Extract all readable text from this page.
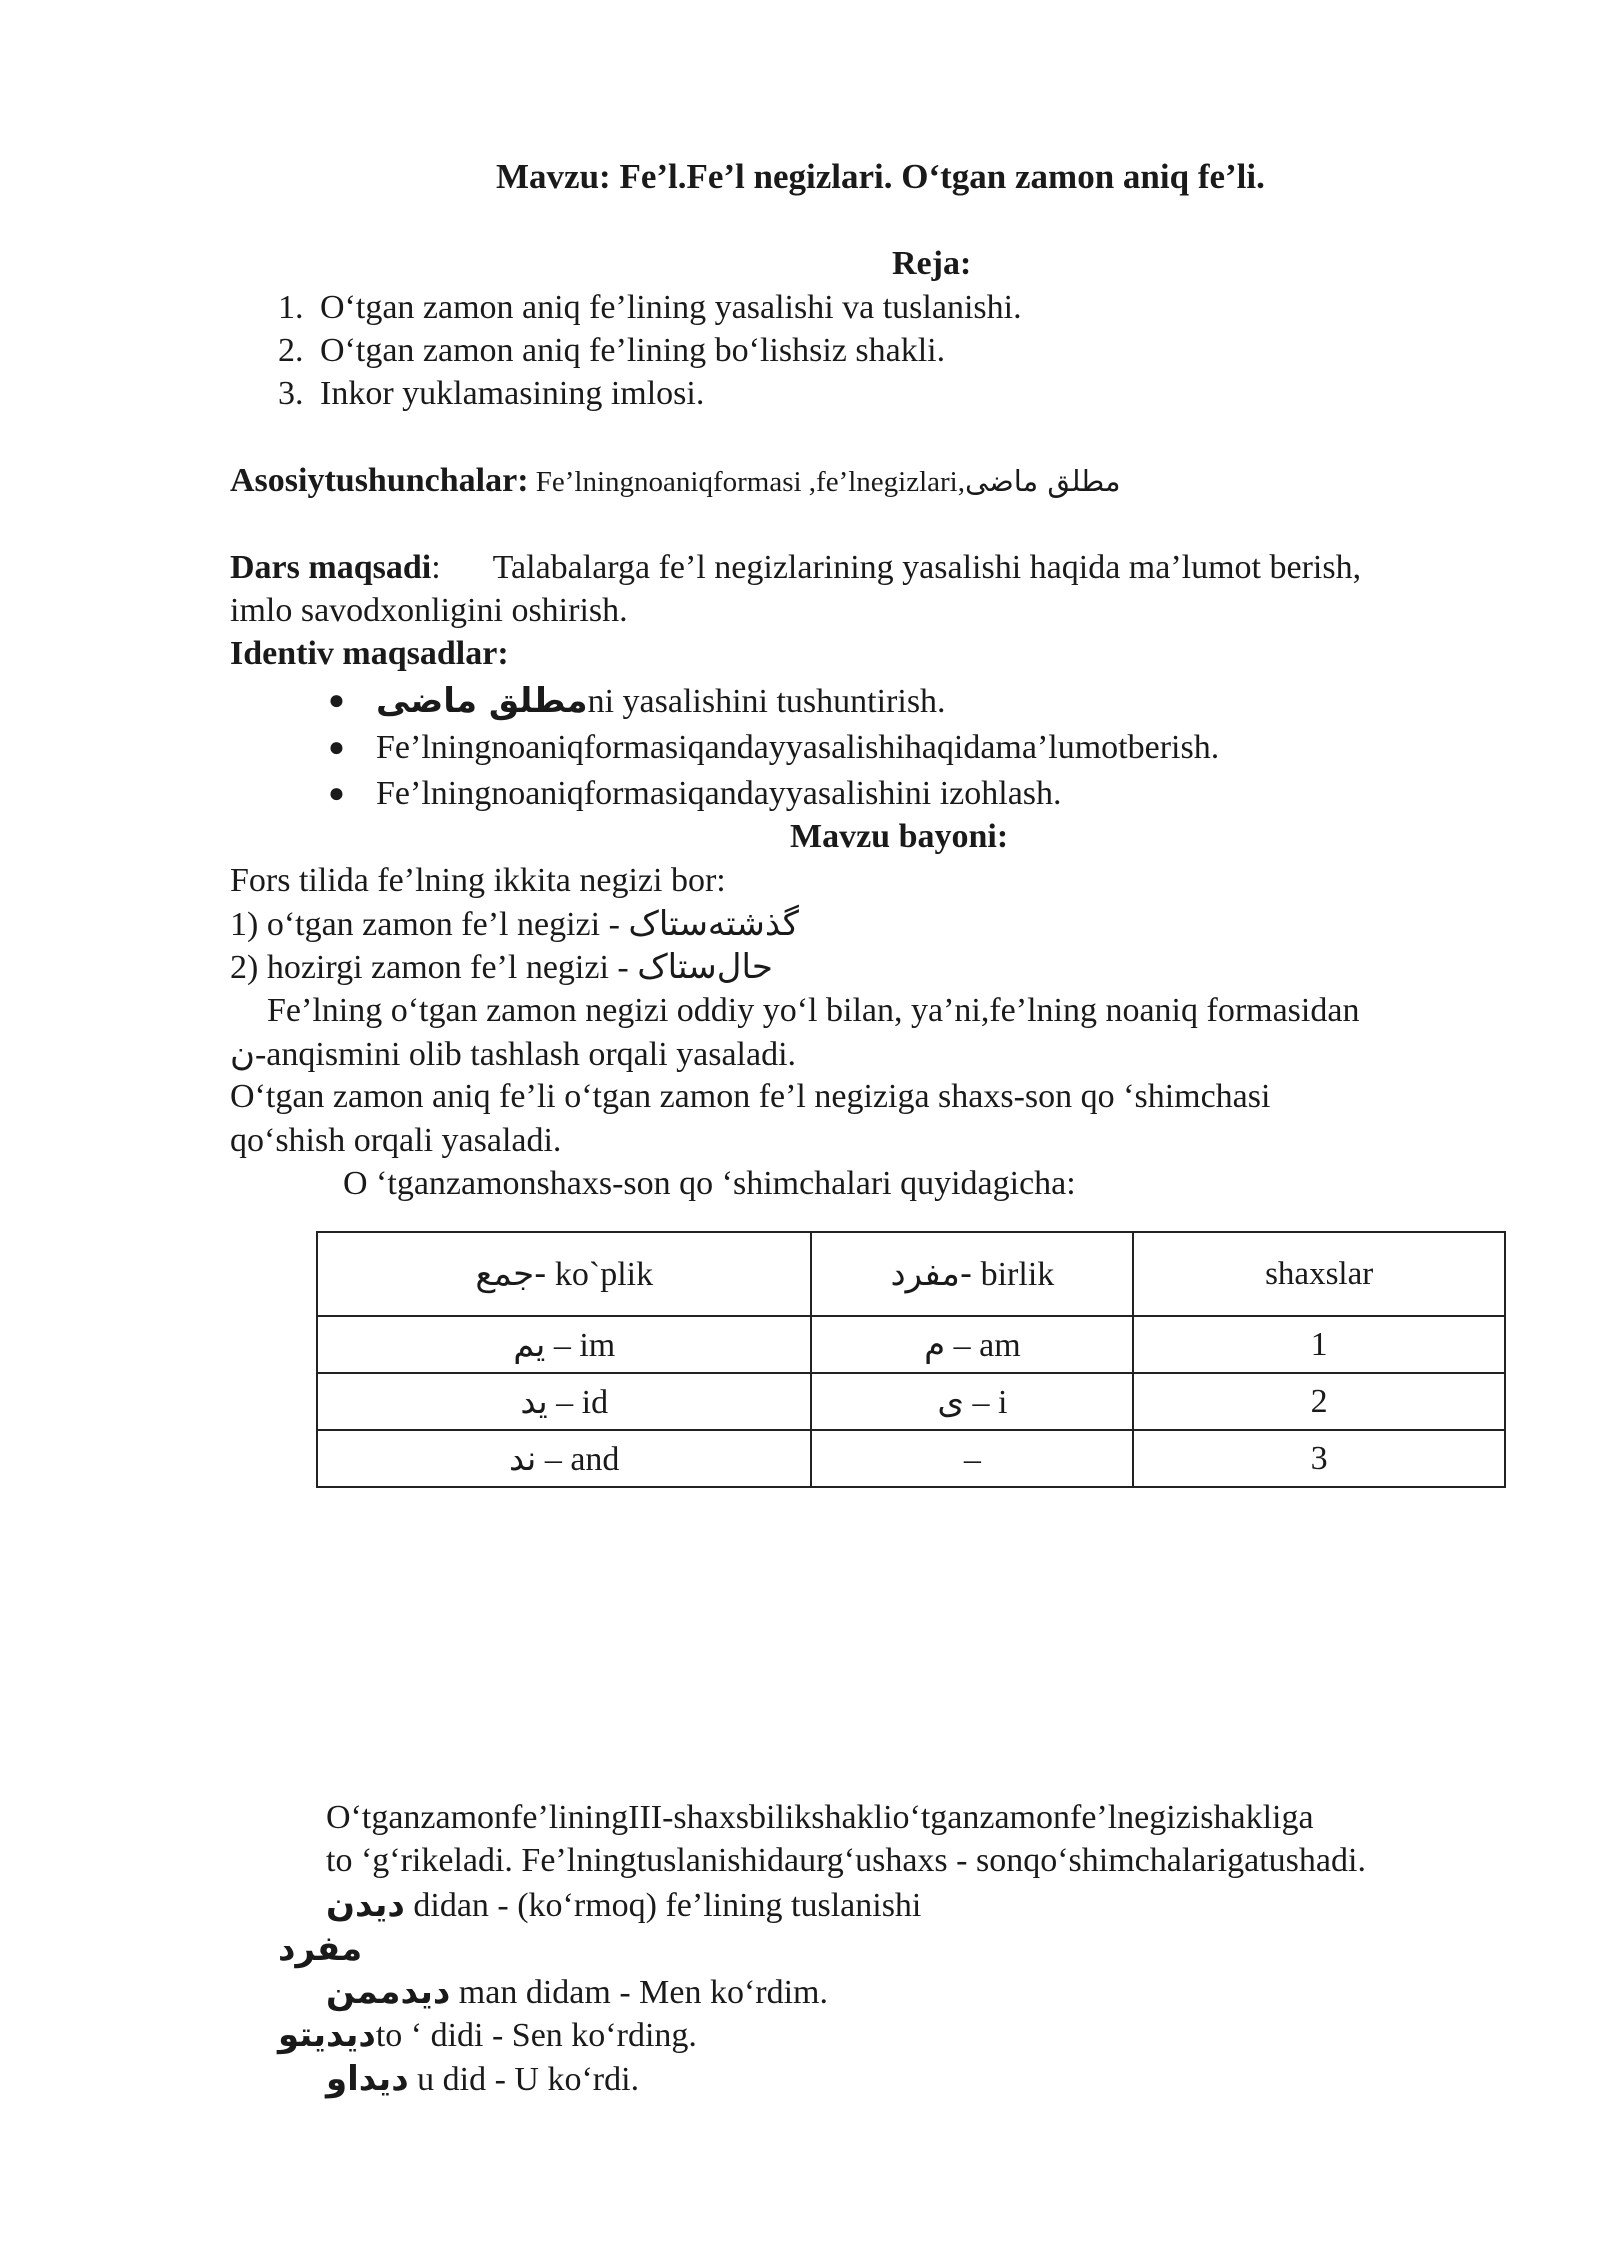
Mavzu: Fe’l.Fe’l negizlari. O‘tgan zamon aniq fe’li.
Reja:
1. O‘tgan zamon aniq fe’lining yasalishi va tuslanishi.
2. O‘tgan zamon aniq fe’lining bo‘lishsiz shakli.
3. Inkor yuklamasining imlosi.
Asosiytushunchalar: Fe’lningnoaniqformasi ,fe’lnegizlari,مطلق ماضی
Dars maqsadi: Talabalarga fe’l negizlarining yasalishi haqida ma’lumot berish,
imlo savodxonligini oshirish.
Identiv maqsadlar:
● مطلق ماضیni yasalishini tushuntirish.
● Fe’lningnoaniqformasiqandayyasalishihaqidama’lumotberish.
● Fe’lningnoaniqformasiqandayyasalishini izohlash.
Mavzu bayoni:
Fors tilida fe’lning ikkita negizi bor:
1) o‘tgan zamon fe’l negizi - گذشته‌ستاک
2) hozirgi zamon fe’l negizi - حال‌ستاک
Fe’lning o‘tgan zamon negizi oddiy yo‘l bilan, ya’ni,fe’lning noaniq formasidan
ن-anqismini olib tashlash orqali yasaladi.
O‘tgan zamon aniq fe’li o‘tgan zamon fe’l negiziga shaxs-son qo ‘shimchasi
qo‘shish orqali yasaladi.
O ‘tganzamonshaxs-son qo ‘shimchalari quyidagicha:
جمع- ko`plik	مفرد- birlik	shaxslar
یم – im	م – am	1
ید – id	ی – i	2
ند – and	–	3
O‘tganzamonfe’liningIII-shaxsbilikshaklio‘tganzamonfe’lnegizishakliga
to ‘g‘rikeladi. Fe’lningtuslanishidaurg‘ushaxs - sonqo‘shimchalarigatushadi.
دیدن didan - (ko‘rmoq) fe’lining tuslanishi
مفرد
دیدممن man didam - Men ko‘rdim.
دیدیتوto ‘ didi - Sen ko‘rding.
دیداو u did - U ko‘rdi.
